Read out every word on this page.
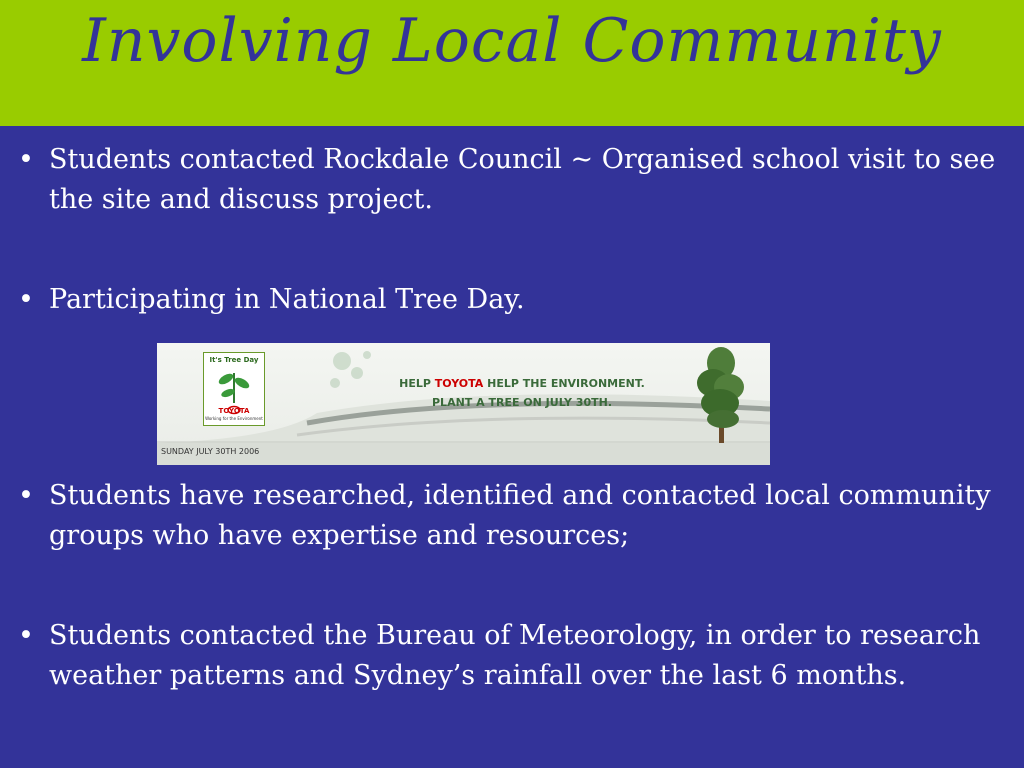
Involving Local Community
• Students contacted Rockdale Council ~ Organised school visit to see the site and discuss project.
• Participating in National Tree Day.
• Students have researched, identified and contacted local community groups who have expertise and resources;
• Students contacted the Bureau of Meteorology, in order to research weather patterns and Sydney’s rainfall over the last 6 months.
It's Tree Day
TOYOTA
Working for the Environment
HELP TOYOTA HELP THE ENVIRONMENT.
PLANT A TREE ON JULY 30TH.
SUNDAY JULY 30TH 2006
